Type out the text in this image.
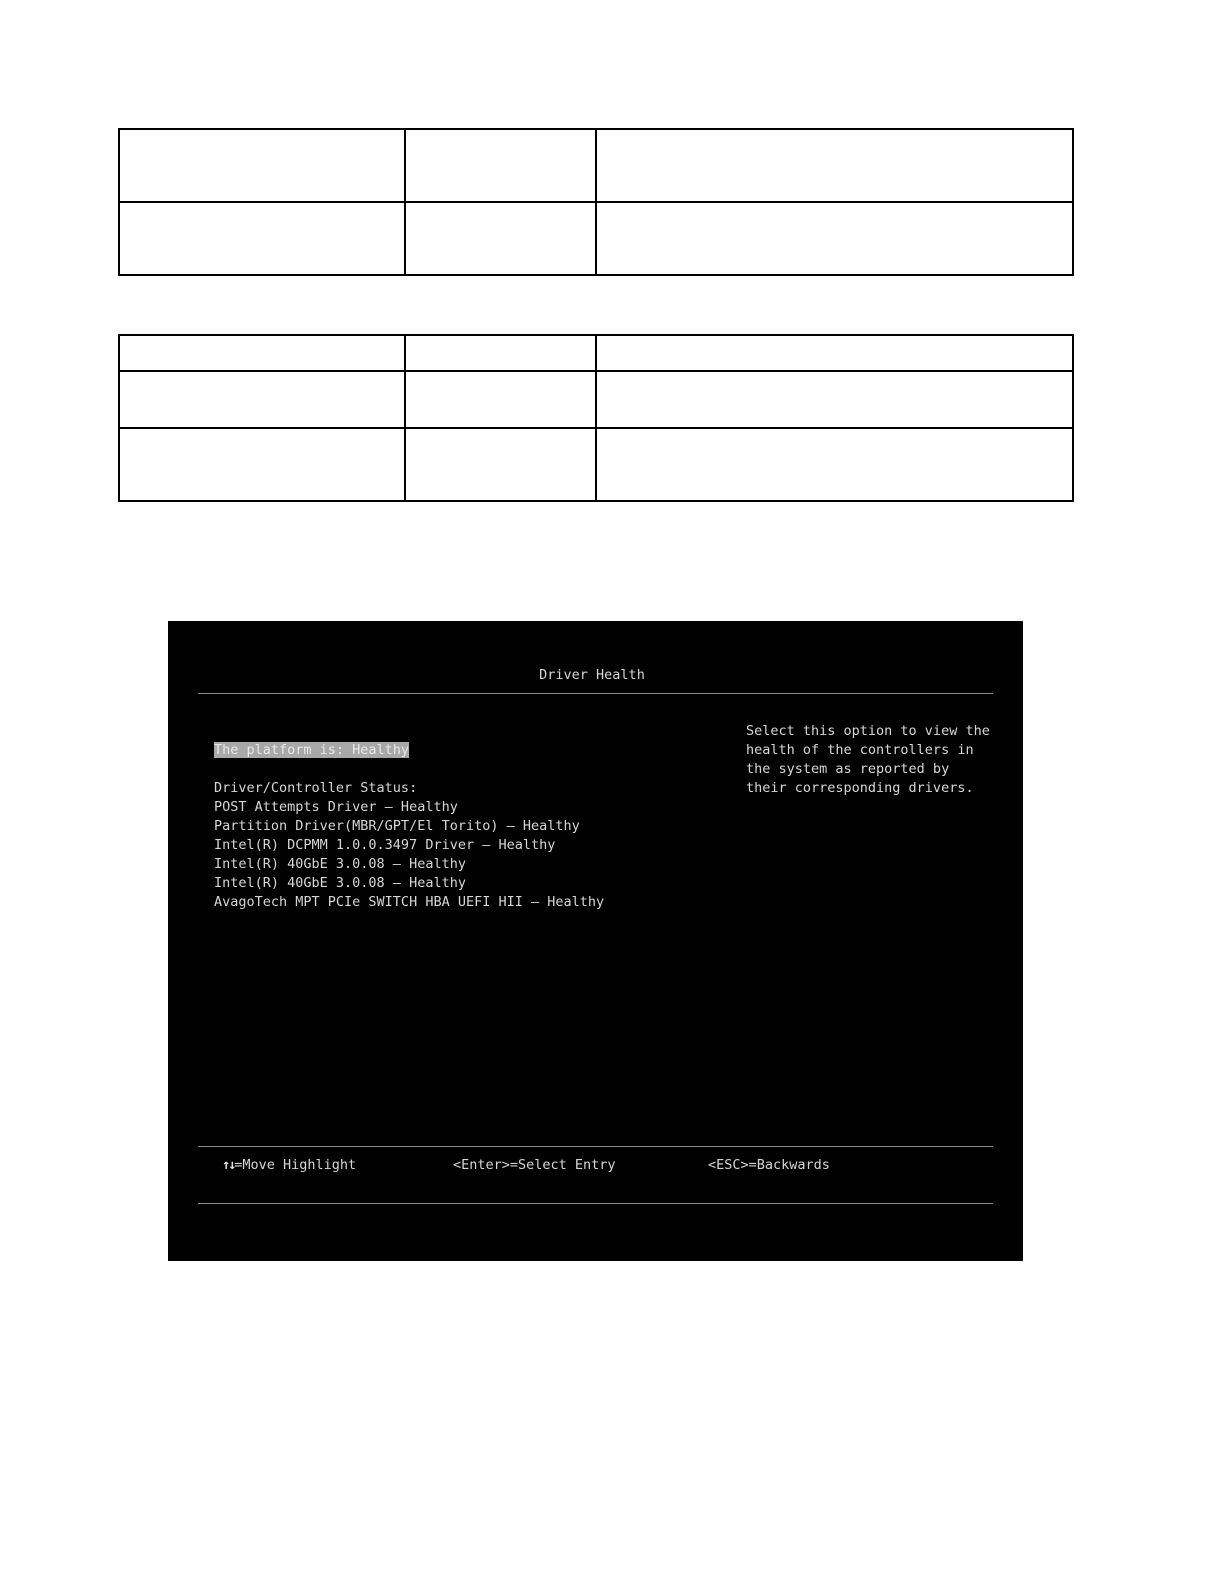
Driver Health
The platform is: Healthy
Driver/Controller Status:
POST Attempts Driver – Healthy
Partition Driver(MBR/GPT/El Torito) – Healthy
Intel(R) DCPMM 1.0.0.3497 Driver – Healthy
Intel(R) 40GbE 3.0.08 – Healthy
Intel(R) 40GbE 3.0.08 – Healthy
AvagoTech MPT PCIe SWITCH HBA UEFI HII – Healthy
Select this option to view the
health of the controllers in
the system as reported by
their corresponding drivers.
↑↓=Move Highlight	<Enter>=Select Entry	<ESC>=Backwards
